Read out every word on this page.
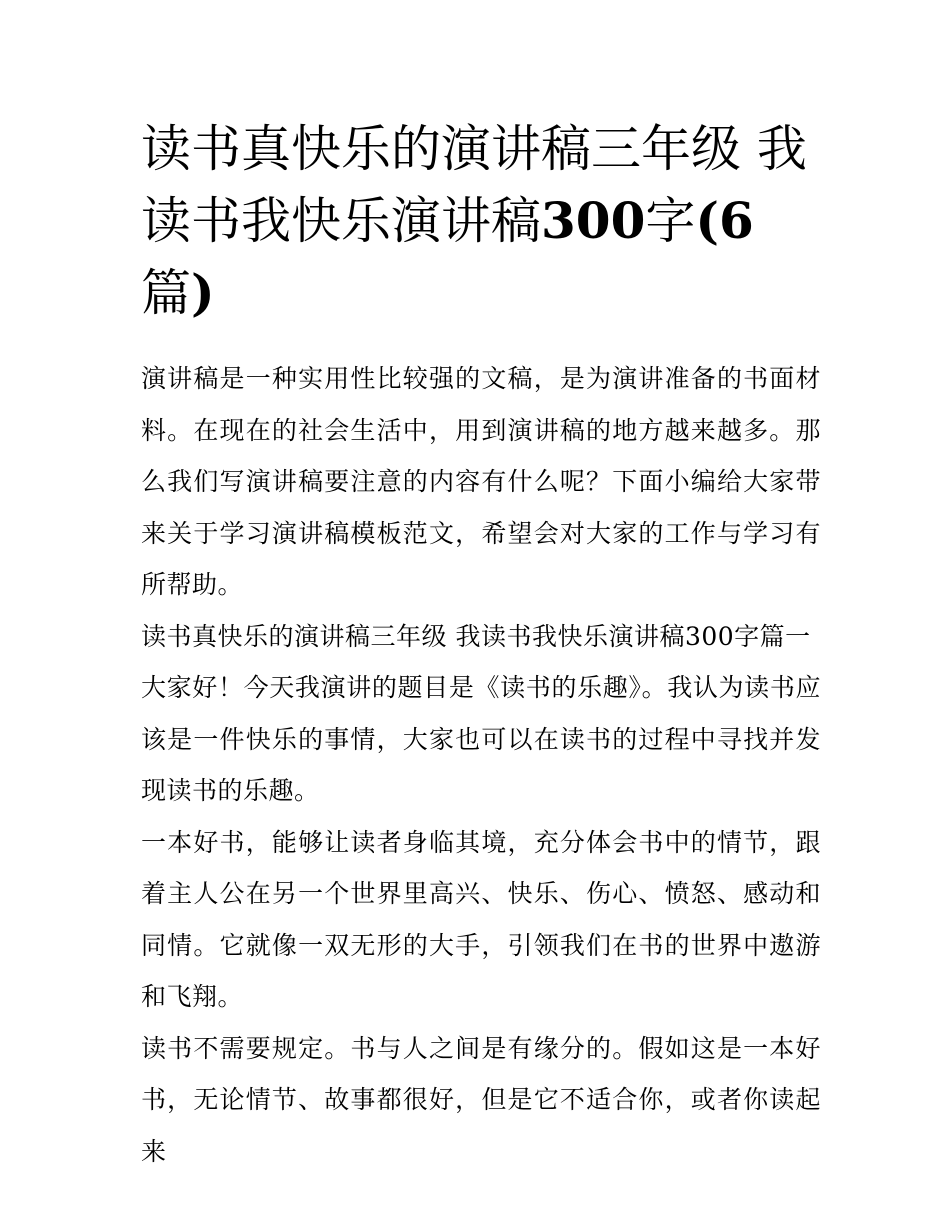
读书真快乐的演讲稿三年级 我读书我快乐演讲稿300字(6篇)

演讲稿是一种实用性比较强的文稿，是为演讲准备的书面材料。在现在的社会生活中，用到演讲稿的地方越来越多。那么我们写演讲稿要注意的内容有什么呢？下面小编给大家带来关于学习演讲稿模板范文，希望会对大家的工作与学习有所帮助。

读书真快乐的演讲稿三年级 我读书我快乐演讲稿300字篇一

大家好！今天我演讲的题目是《读书的乐趣》。我认为读书应该是一件快乐的事情，大家也可以在读书的过程中寻找并发现读书的乐趣。

一本好书，能够让读者身临其境，充分体会书中的情节，跟着主人公在另一个世界里高兴、快乐、伤心、愤怒、感动和同情。它就像一双无形的大手，引领我们在书的世界中遨游和飞翔。

读书不需要规定。书与人之间是有缘分的。假如这是一本好书，无论情节、故事都很好，但是它不适合你，或者你读起来
